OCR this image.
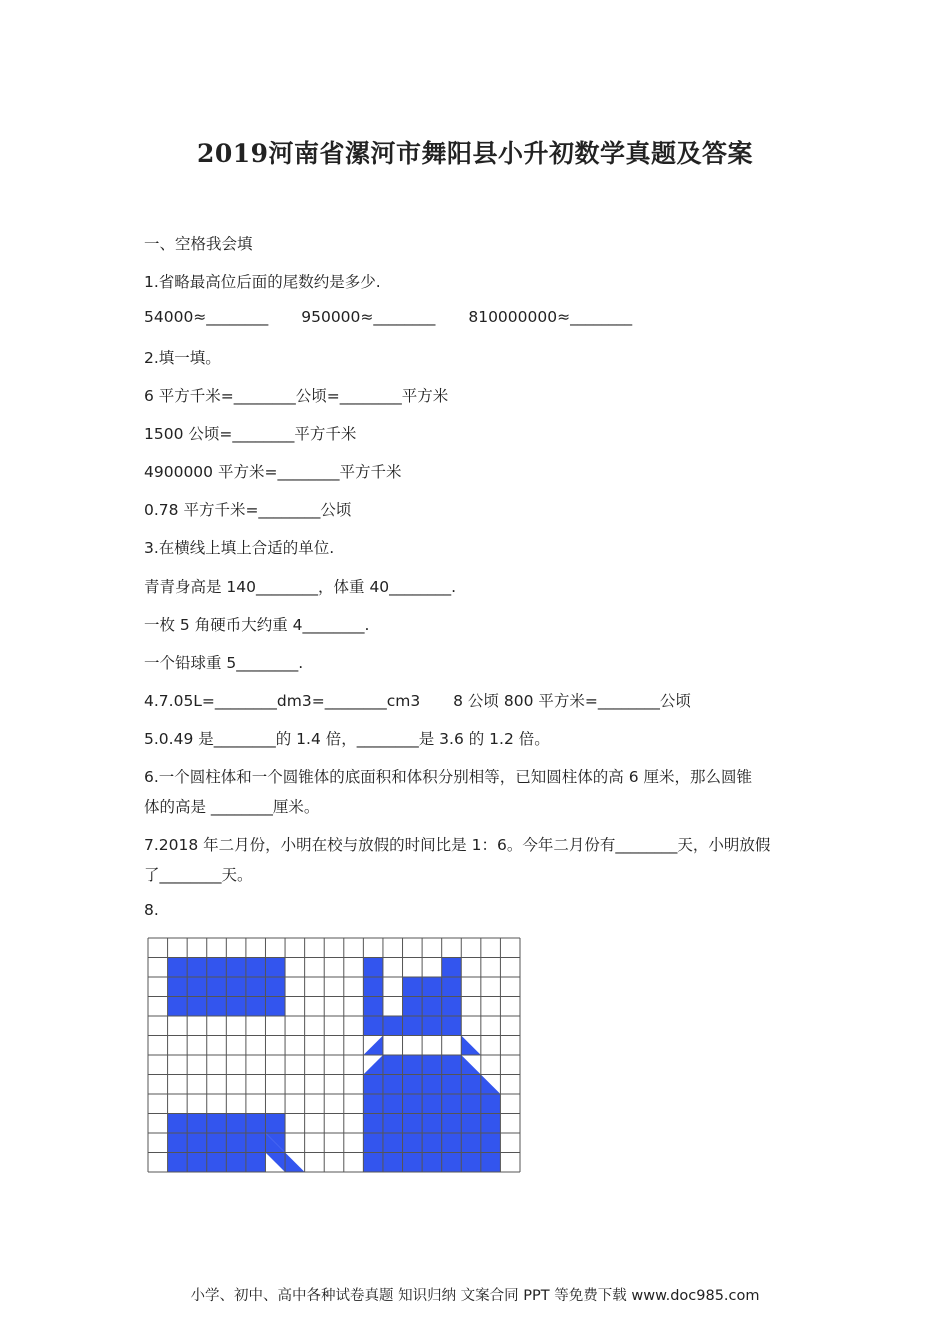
2019河南省漯河市舞阳县小升初数学真题及答案
一、空格我会填
1.省略最高位后面的尾数约是多少.
54000≈________ 950000≈________ 810000000≈________
2.填一填。
6 平方千米=________公顷=________平方米
1500 公顷=________平方千米
4900000 平方米=________平方千米
0.78 平方千米=________公顷
3.在横线上填上合适的单位.
青青身高是 140________，体重 40________.
一枚 5 角硬币大约重 4________.
一个铅球重 5________.
4.7.05L=________dm3=________cm3 8 公顷 800 平方米=________公顷
5.0.49 是________的 1.4 倍，________是 3.6 的 1.2 倍。
6.一个圆柱体和一个圆锥体的底面积和体积分别相等，已知圆柱体的高 6 厘米，那么圆锥
体的高是 ________厘米。
7.2018 年二月份，小明在校与放假的时间比是 1：6。今年二月份有________天，小明放假
了________天。
8.
小学、初中、高中各种试卷真题 知识归纳 文案合同 PPT 等免费下载 www.doc985.com
